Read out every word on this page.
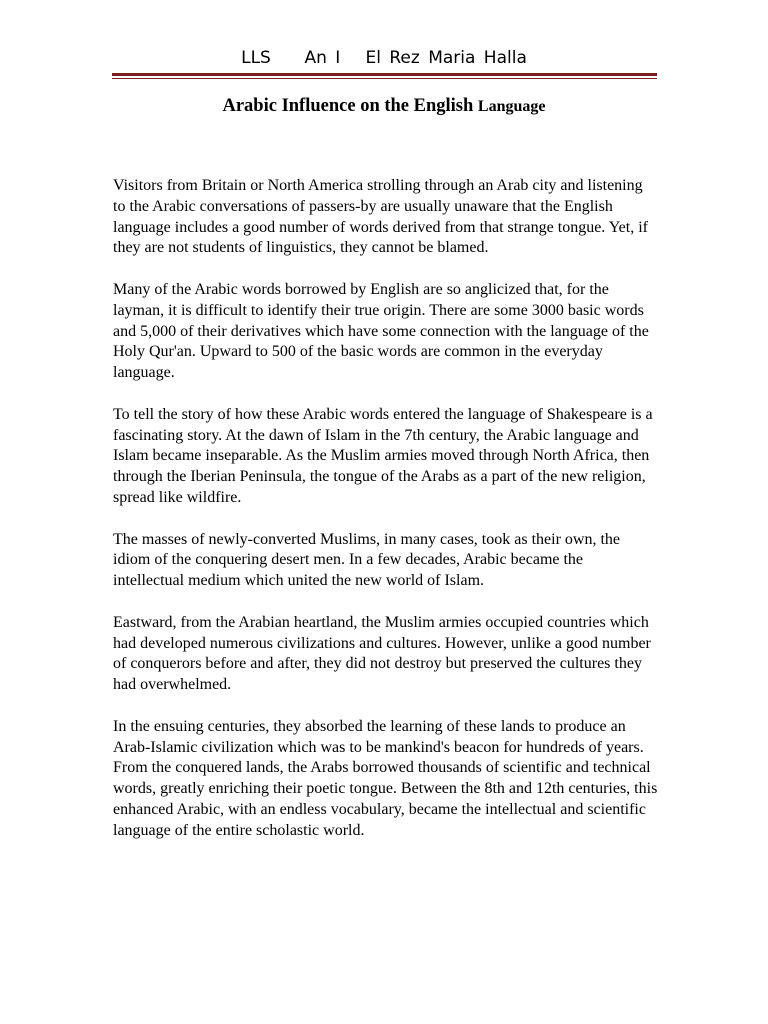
LLS    An I   El Rez Maria Halla
Arabic Influence on the English Language

Visitors from Britain or North America strolling through an Arab city and listening to the Arabic conversations of passers-by are usually unaware that the English language includes a good number of words derived from that strange tongue. Yet, if they are not students of linguistics, they cannot be blamed.

Many of the Arabic words borrowed by English are so anglicized that, for the layman, it is difficult to identify their true origin. There are some 3000 basic words and 5,000 of their derivatives which have some connection with the language of the Holy Qur'an. Upward to 500 of the basic words are common in the everyday language.

To tell the story of how these Arabic words entered the language of Shakespeare is a fascinating story. At the dawn of Islam in the 7th century, the Arabic language and Islam became inseparable. As the Muslim armies moved through North Africa, then through the Iberian Peninsula, the tongue of the Arabs as a part of the new religion, spread like wildfire.

The masses of newly-converted Muslims, in many cases, took as their own, the idiom of the conquering desert men. In a few decades, Arabic became the intellectual medium which united the new world of Islam.

Eastward, from the Arabian heartland, the Muslim armies occupied countries which had developed numerous civilizations and cultures. However, unlike a good number of conquerors before and after, they did not destroy but preserved the cultures they had overwhelmed.

In the ensuing centuries, they absorbed the learning of these lands to produce an Arab-Islamic civilization which was to be mankind's beacon for hundreds of years. From the conquered lands, the Arabs borrowed thousands of scientific and technical words, greatly enriching their poetic tongue. Between the 8th and 12th centuries, this enhanced Arabic, with an endless vocabulary, became the intellectual and scientific language of the entire scholastic world.
